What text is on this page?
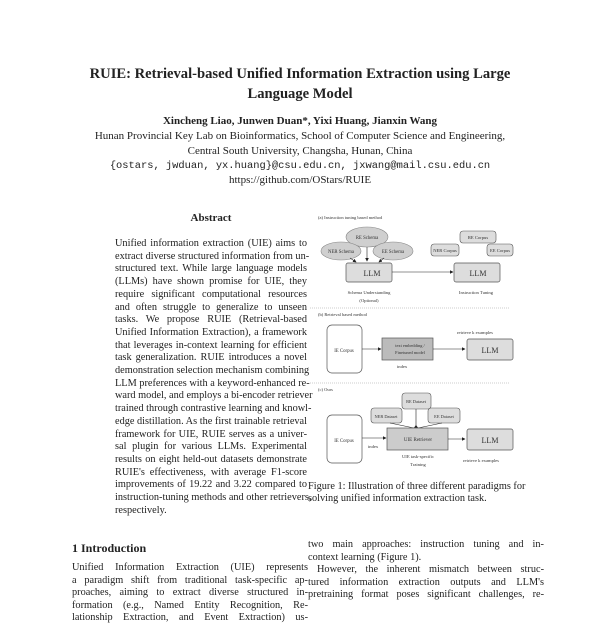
RUIE: Retrieval-based Unified Information Extraction using Large
Language Model
Xincheng Liao, Junwen Duan*, Yixi Huang, Jianxin Wang
Hunan Provincial Key Lab on Bioinformatics, School of Computer Science and Engineering,
Central South University, Changsha, Hunan, China
{ostars, jwduan, yx.huang}@csu.edu.cn, jxwang@mail.csu.edu.cn
https://github.com/OStars/RUIE
Abstract
Unified information extraction (UIE) aims to
extract diverse structured information from un-
structured text. While large language models
(LLMs) have shown promise for UIE, they
require significant computational resources
and often struggle to generalize to unseen
tasks. We propose RUIE (Retrieval-based
Unified Information Extraction), a framework
that leverages in-context learning for efficient
task generalization. RUIE introduces a novel
demonstration selection mechanism combining
LLM preferences with a keyword-enhanced re-
ward model, and employs a bi-encoder retriever
trained through contrastive learning and knowl-
edge distillation. As the first trainable retrieval
framework for UIE, RUIE serves as a univer-
sal plugin for various LLMs. Experimental
results on eight held-out datasets demonstrate
RUIE's effectiveness, with average F1-score
improvements of 19.22 and 3.22 compared to
instruction-tuning methods and other retrievers,
respectively.
1 Introduction
Unified Information Extraction (UIE) represents
a paradigm shift from traditional task-specific ap-
proaches, aiming to extract diverse structured in-
formation (e.g., Named Entity Recognition, Re-
lationship Extraction, and Event Extraction) us-
(a) Instruction tuning based method
RE Schema
NER Schema	EE Schema
LLM
RE Corpus
NER Corpus	EE Corpus
LLM
Schema Understanding
(Optional)
Instruction Tuning
(b) Retrieval based method
IE Corpus
text embedding /
Finetuned model
retrieve k examples
index
LLM
(c) Ours
RE Dataset
NER Dataset	EE Dataset
IE Corpus
index
UIE Retriever	LLM
UIE task-specific
Training
retrieve k examples
Figure 1: Illustration of three different paradigms for
solving unified information extraction task.
two main approaches: instruction tuning and in-
context learning (Figure 1).
However, the inherent mismatch between struc-
tured information extraction outputs and LLM's
pretraining format poses significant challenges, re-
